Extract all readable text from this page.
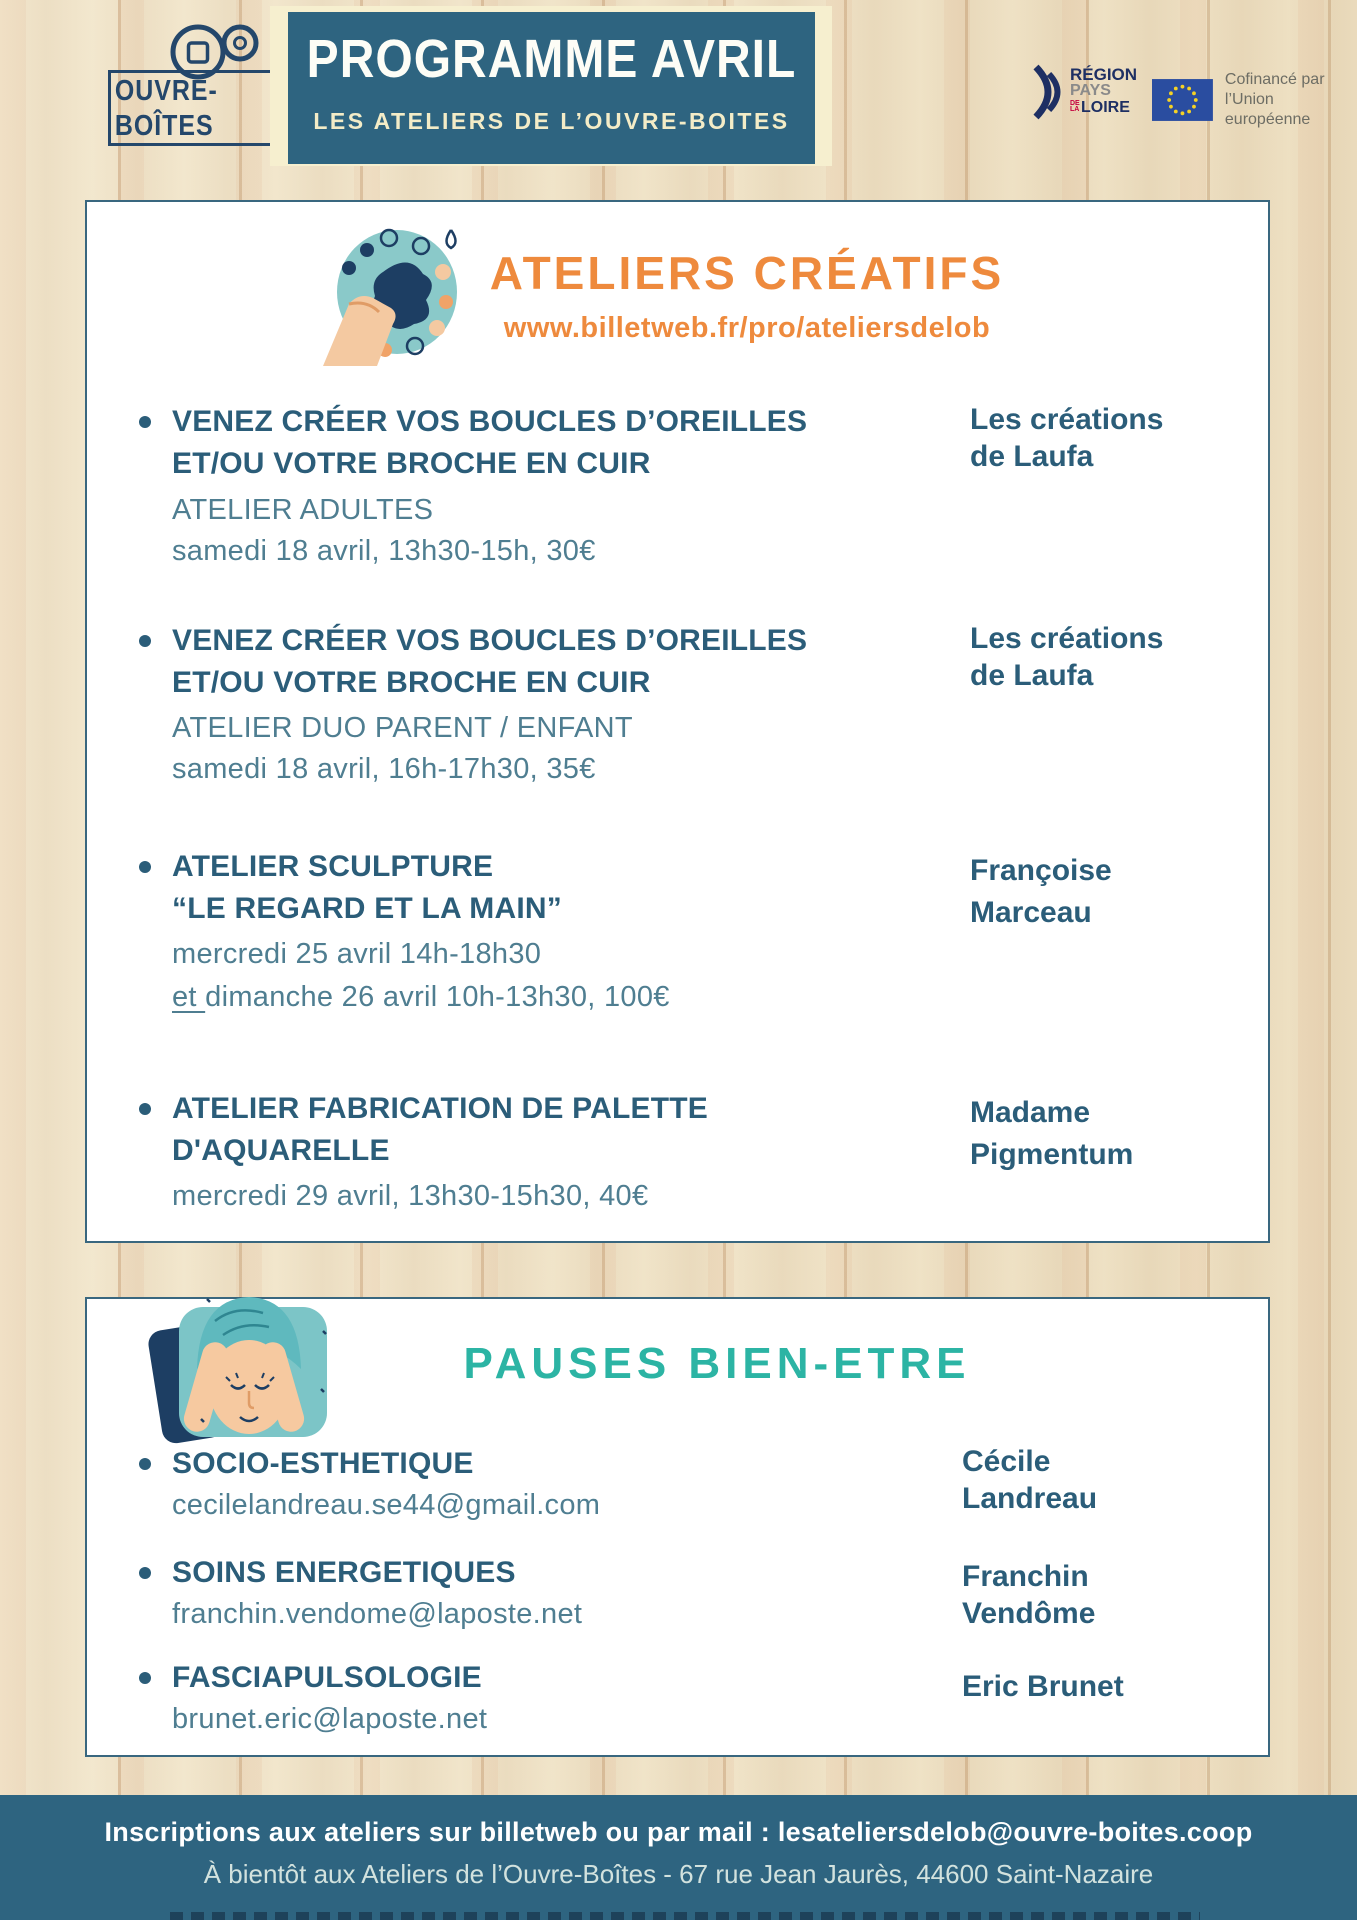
OUVRE-BOÎTES
PROGRAMME AVRIL
LES ATELIERS DE L’OUVRE-BOITES
RÉGION
PAYS
DE LA LOIRE
Cofinancé par
l’Union européenne
ATELIERS CRÉATIFS
www.billetweb.fr/pro/ateliersdelob
VENEZ CRÉER VOS BOUCLES D’OREILLES
ET/OU VOTRE BROCHE EN CUIR
ATELIER ADULTES
samedi 18 avril, 13h30-15h, 30€
Les créations
de Laufa
VENEZ CRÉER VOS BOUCLES D’OREILLES
ET/OU VOTRE BROCHE EN CUIR
ATELIER DUO PARENT / ENFANT
samedi 18 avril, 16h-17h30, 35€
Les créations
de Laufa
ATELIER SCULPTURE
“LE REGARD ET LA MAIN”
mercredi 25 avril 14h-18h30
et dimanche 26 avril 10h-13h30, 100€
Françoise
Marceau
ATELIER FABRICATION DE PALETTE
D'AQUARELLE
mercredi 29 avril, 13h30-15h30, 40€
Madame
Pigmentum
PAUSES BIEN-ETRE
SOCIO-ESTHETIQUE
cecilelandreau.se44@gmail.com
Cécile
Landreau
SOINS ENERGETIQUES
franchin.vendome@laposte.net
Franchin
Vendôme
FASCIAPULSOLOGIE
brunet.eric@laposte.net
Eric Brunet
Inscriptions aux ateliers sur billetweb ou par mail : lesateliersdelob@ouvre-boites.coop
À bientôt aux Ateliers de l’Ouvre-Boîtes - 67 rue Jean Jaurès, 44600 Saint-Nazaire
